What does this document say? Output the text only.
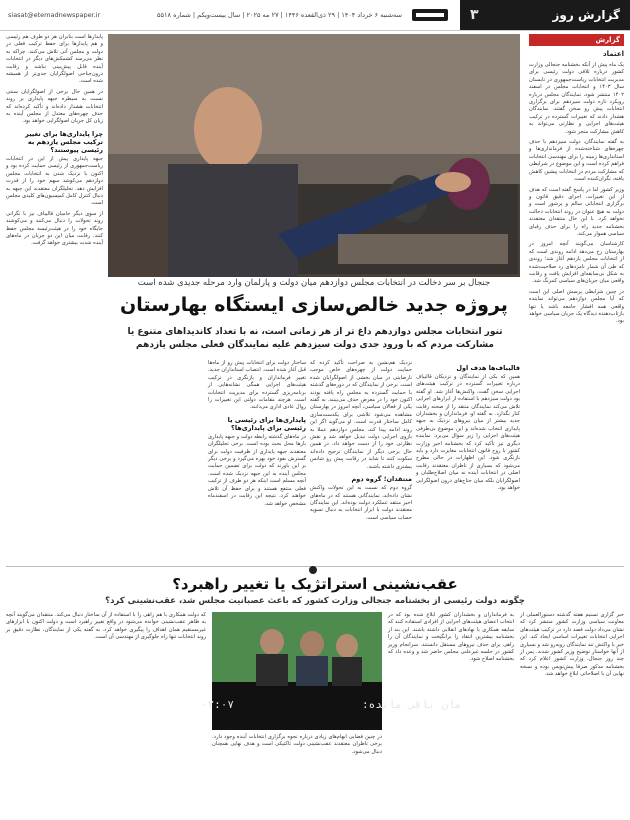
گزارش روز
۳
سه‌شنبه ۶ خرداد ۱۴۰۴ | ۲۹ ذی‌القعده ۱۴۴۶ | ۲۷ مه ۲۰۲۵ | سال بیست‌ویکم | شماره ۵۵۱۸
siasat@etemadnewspaper.ir
گزارش
اعتماد

یک ماه پیش از آنکه بخشنامه جنجالی وزارت کشور درباره تلاقی دولت رئیسی برای مدیریت انتخابات ریاست‌جمهوری در تابستان سال ۱۴۰۳ و انتخابات مجلس در اسفند ۱۴۰۲ منتشر شود، نمایندگان مجلس درباره رویکرد تازه دولت سیزدهم برای برگزاری انتخابات پیش رو سخن گفتند. نمایندگان هشدار دادند که تغییرات گسترده در ترکیب هیئت‌های اجرایی و نظارتی می‌تواند به کاهش مشارکت منجر شود.

به گفته نمایندگان، دولت سیزدهم با حذف چهره‌های شناخته‌شده از فرمانداری‌ها و استانداری‌ها زمینه را برای مهندسی انتخابات فراهم کرده است و این موضوع در شرایطی که مشارکت مردم در انتخابات پیشین کاهش یافته، نگران‌کننده است.

وزیر کشور اما در پاسخ گفته است که هدف از این تغییرات، اجرای دقیق قانون و برگزاری انتخاباتی سالم و پرشور است و دولت به هیچ عنوان در روند انتخابات دخالت نخواهد کرد. با این حال منتقدان معتقدند بخشنامه جدید راه را برای حذف رقبای سیاسی هموار می‌کند.

کارشناسان می‌گویند آنچه امروز در بهارستان رخ می‌دهد ادامه روندی است که از انتخابات مجلس یازدهم آغاز شد؛ روندی که طی آن شمار نامزدهای رد صلاحیت‌شده به شکل بی‌سابقه‌ای افزایش یافت و رقابت واقعی میان جریان‌های سیاسی کمرنگ شد.

در چنین شرایطی پرسش اصلی این است که آیا مجلس دوازدهم می‌تواند نماینده واقعی همه اقشار جامعه باشد یا تنها بازتاب‌دهنده دیدگاه یک جریان سیاسی خواهد بود.

پایدارها است بتابران هر دو طرف هم رئیسی و هم پایدارها برای حفظ ترکیب فعلی در دولت و مجلس آتی تلاش می‌کنند. چراکه به نظر می‌رسد کشمکش‌های دیگر در انتخابات آینده قابل پیش‌بینی نباشد و رقابت درون‌جناحی اصولگرایان جدی‌تر از همیشه شده است.

در همین حال برخی از اصولگرایان سنتی نسبت به سیطره جبهه پایداری بر روند انتخابات هشدار داده‌اند و تأکید کرده‌اند که حذف چهره‌های معتدل از مجلس آینده به زیان کل جریان اصولگرایی خواهد بود.

چرا پایداری‌ها برای تغییر ترکیب مجلس یازدهم به رئیسی پیوستند؟

جبهه پایداری پیش از این در انتخابات ریاست‌جمهوری از رئیسی حمایت کرده بود و اکنون با نزدیک شدن به انتخابات مجلس دوازدهم می‌کوشد سهم خود را از قدرت افزایش دهد. تحلیلگران معتقدند این جبهه به دنبال کنترل کامل کمیسیون‌های کلیدی مجلس است.

از سوی دیگر حامیان قالیباف نیز با نگرانی روند تحولات را دنبال می‌کنند و می‌کوشند جایگاه خود را در هیئت‌رئیسه مجلس حفظ کنند. رقابت میان این دو جریان در ماه‌های آینده شدت بیشتری خواهد گرفت.

جنجال بر سر دخالت در انتخابات مجلس دوازدهم میان دولت و پارلمان وارد مرحله جدیدی شده است
پروژه جدید خالص‌سازی ایستگاه بهارستان
تنور انتخابات مجلس دوازدهم داغ تر از هر زمانی است، نه با تعداد کاندیداهای متنوع یا مشارکت مردم که با ورود جدی دولت سیزدهم علیه نمایندگان فعلی مجلس یازدهم
قالیباف‌ها هدف اول

همین که یکی از نمایندگان و نزدیکان قالیباف درباره تغییرات گسترده در ترکیب هیئت‌های اجرایی سخن گفت، واکنش‌ها آغاز شد. او گفته بود دولت سیزدهم با استفاده از ابزارهای اجرایی تلاش می‌کند نمایندگان منتقد را از صحنه رقابت کنار بگذارد. به گفته او، فرمانداران و بخشداران جدید بیشتر از میان نیروهای نزدیک به جبهه پایداری انتخاب شده‌اند و این موضوع بی‌طرفی هیئت‌های اجرایی را زیر سوال می‌برد. نماینده دیگری نیز تأکید کرد که بخشنامه اخیر وزارت کشور با روح قانون انتخابات مغایرت دارد و باید بازنگری شود. این اظهارات در حالی مطرح می‌شود که بسیاری از ناظران معتقدند رقابت اصلی در انتخابات آینده نه میان اصلاح‌طلبان و اصولگرایان بلکه میان جناح‌های درون اصولگرایی خواهد بود.

نزدیک هم‌نشین به صراحت تأکید کرده که حمایت دولت از چهره‌های خاص موجب نارضایتی در میان بخشی از اصولگرایان شده است. برخی از نمایندگان که در دوره‌های گذشته با حمایت گسترده به مجلس راه یافته بودند اکنون خود را در معرض حذف می‌بینند. به گفته یکی از فعالان سیاسی، آنچه امروز در بهارستان مشاهده می‌شود تلاشی برای یکدست‌سازی کامل ساختار قدرت است. او می‌گوید اگر این روند ادامه پیدا کند، مجلس دوازدهم عملا به بازوی اجرایی دولت تبدیل خواهد شد و نقش نظارتی خود را از دست خواهد داد. در همین حال برخی دیگر از نمایندگان ترجیح داده‌اند سکوت کنند تا شاید در رقابت پیش رو شانس بیشتری داشته باشند.

منتقدان؛ گروه دوم

گروه دوم که نسبت به این تحولات واکنش نشان داده‌اند، نمایندگانی هستند که در ماه‌های اخیر منتقد عملکرد دولت بوده‌اند. این نمایندگان معتقدند دولت با ابزار انتخابات به دنبال تسویه حساب سیاسی است.

ساختار دولت برای انتخابات پیش رو از ماه‌ها قبل آغاز شده است. انتصاب استانداران جدید، تغییر فرمانداران و بازنگری در ترکیب هیئت‌های اجرایی همگی نشانه‌هایی از برنامه‌ریزی گسترده برای مدیریت انتخابات است. هرچند مقامات دولتی این تغییرات را روال عادی اداری می‌دانند.

پایداری‌ها برای رئیسی یا رئیسی برای پایداری‌ها؟

در ماه‌های گذشته رابطه دولت و جبهه پایداری بارها محل بحث بوده است. برخی تحلیلگران معتقدند جبهه پایداری از ظرفیت دولت برای گسترش نفوذ خود بهره می‌گیرد و برخی دیگر بر این باورند که دولت برای تضمین حمایت مجلس آینده به این جبهه نزدیک شده است. آنچه مسلم است اینکه هر دو طرف از ترکیب فعلی منتفع هستند و برای حفظ آن تلاش خواهند کرد. نتیجه این رقابت در اسفندماه مشخص خواهد شد.

عقب‌نشینی استراتژیک یا تغییر راهبرد؟
چگونه دولت رئیسی از بخشنامه جنجالی وزارت کشور که باعث عصبانیت مجلس شد، عقب‌نشینی کرد؟
مان باقی مانده:
۲:۰۷-

خبر گزاری تسنیم هفته گذشته دستورالعملی از معاونت سیاسی وزارت کشور منتشر کرد که نشان می‌داد دولت قصد دارد در ترکیب هیئت‌های اجرایی انتخابات تغییرات اساسی ایجاد کند. این خبر با واکنش تند نمایندگان روبه‌رو شد و بسیاری از آنها خواستار توضیح وزیر کشور شدند. پس از چند روز جنجال، وزارت کشور اعلام کرد که بخشنامه مذکور صرفا پیش‌نویس بوده و نسخه نهایی آن با اصلاحاتی ابلاغ خواهد شد.

به فرمانداران و بخشداران کشور ابلاغ شده بود که در انتخاب اعضای هیئت‌های اجرایی از افرادی استفاده کنند که سابقه همکاری با نهادهای انقلابی داشته باشند. این بند از بخشنامه بیشترین انتقاد را برانگیخت و نمایندگان آن را راهی برای حذف نیروهای مستقل دانستند. سرانجام وزیر کشور در جلسه غیرعلنی مجلس حاضر شد و وعده داد که بخشنامه اصلاح شود.

در چنین فضایی ابهام‌های زیادی درباره نحوه برگزاری انتخابات آینده وجود دارد. برخی ناظران معتقدند عقب‌نشینی دولت تاکتیکی است و هدف نهایی همچنان دنبال می‌شود.

که دولت همکاری با هم راهی را با استفاده از آن ساختار دنبال می‌کند. منتقدان می‌گویند آنچه به ظاهر عقب‌نشینی خوانده می‌شود در واقع تغییر راهبرد است و دولت اکنون با ابزارهای غیرمستقیم همان اهداف را پیگیری خواهد کرد. به گفته یکی از نمایندگان، نظارت دقیق بر روند انتخابات تنها راه جلوگیری از مهندسی آن است.
